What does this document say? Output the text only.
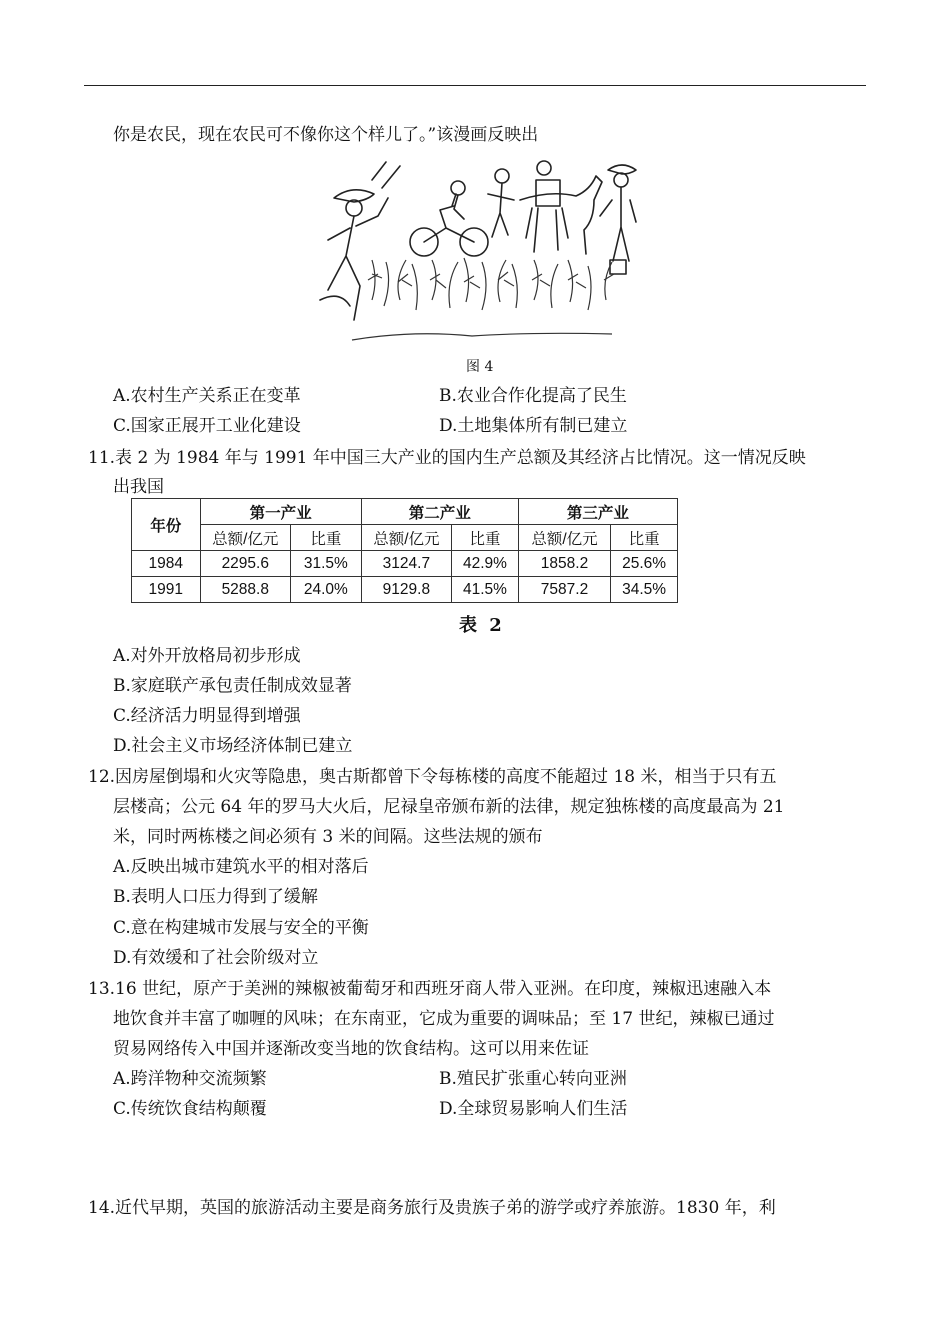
你是农民，现在农民可不像你这个样儿了。”该漫画反映出
图 4
A.农村生产关系正在变革	B.农业合作化提高了民生
C.国家正展开工业化建设	D.土地集体所有制已建立
11.表 2 为 1984 年与 1991 年中国三大产业的国内生产总额及其经济占比情况。这一情况反映
出我国
年份	第一产业		第二产业		第三产业	
	总额/亿元	比重	总额/亿元	比重	总额/亿元	比重
1984	2295.6	31.5%	3124.7	42.9%	1858.2	25.6%
1991	5288.8	24.0%	9129.8	41.5%	7587.2	34.5%
表 2
A.对外开放格局初步形成
B.家庭联产承包责任制成效显著
C.经济活力明显得到增强
D.社会主义市场经济体制已建立
12.因房屋倒塌和火灾等隐患，奥古斯都曾下令每栋楼的高度不能超过 18 米，相当于只有五
层楼高；公元 64 年的罗马大火后，尼禄皇帝颁布新的法律，规定独栋楼的高度最高为 21
米，同时两栋楼之间必须有 3 米的间隔。这些法规的颁布
A.反映出城市建筑水平的相对落后
B.表明人口压力得到了缓解
C.意在构建城市发展与安全的平衡
D.有效缓和了社会阶级对立
13.16 世纪，原产于美洲的辣椒被葡萄牙和西班牙商人带入亚洲。在印度，辣椒迅速融入本
地饮食并丰富了咖喱的风味；在东南亚，它成为重要的调味品；至 17 世纪，辣椒已通过
贸易网络传入中国并逐渐改变当地的饮食结构。这可以用来佐证
A.跨洋物种交流频繁	B.殖民扩张重心转向亚洲
C.传统饮食结构颠覆	D.全球贸易影响人们生活
14.近代早期，英国的旅游活动主要是商务旅行及贵族子弟的游学或疗养旅游。1830 年，利
